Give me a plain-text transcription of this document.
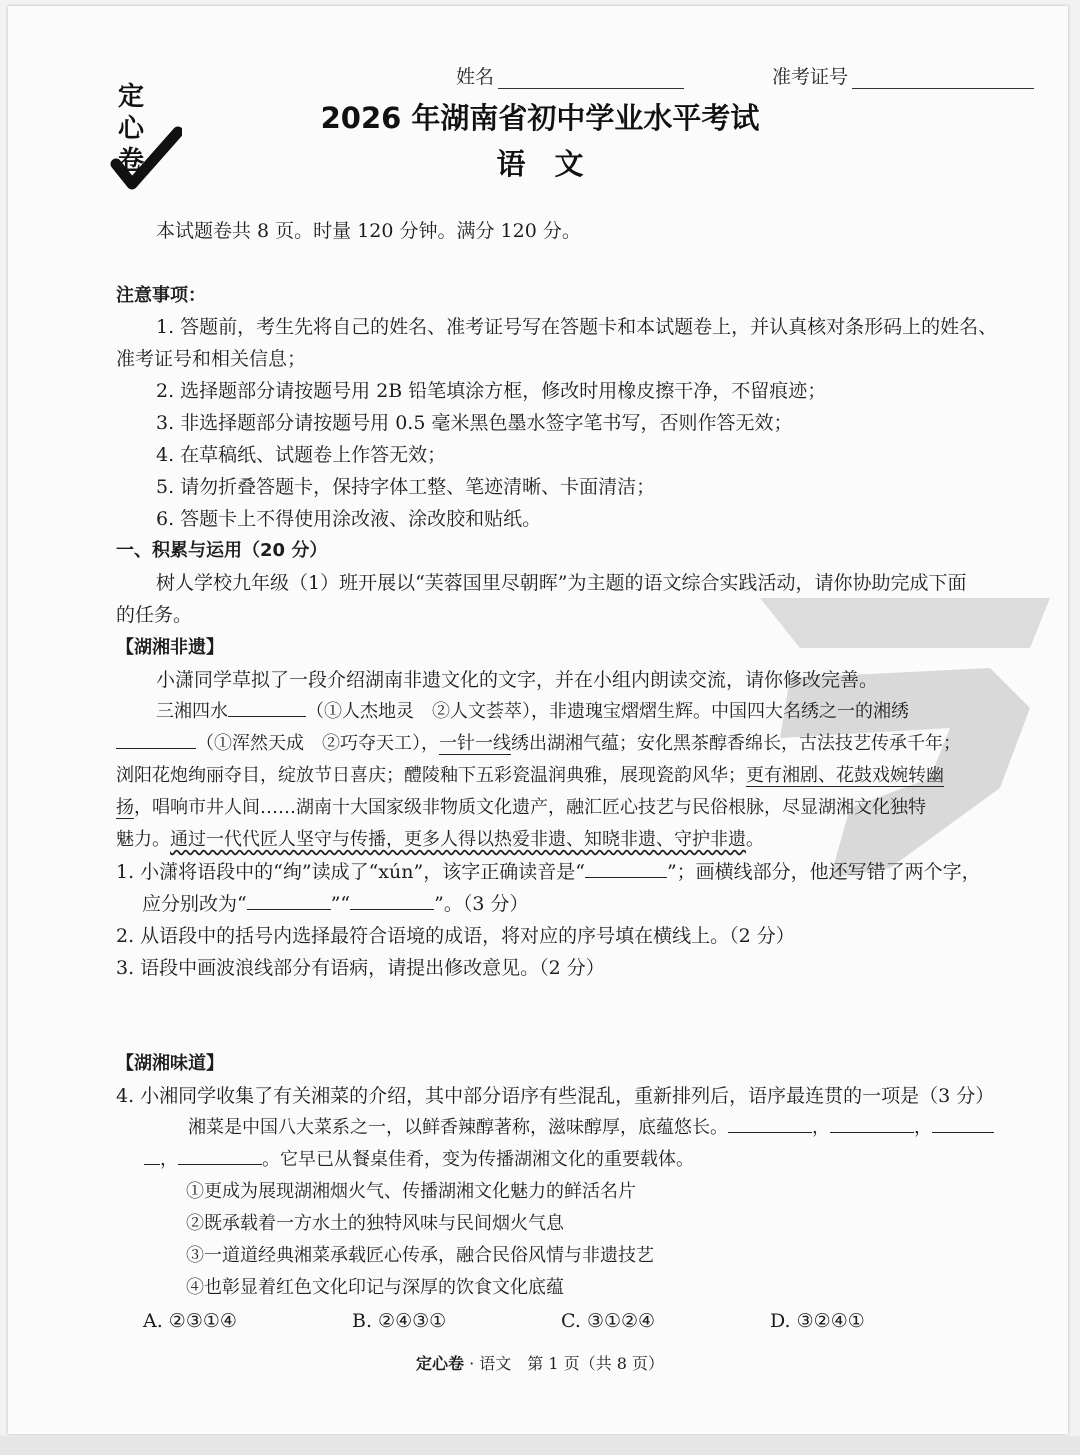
定
心
卷
姓名	准考证号
2026 年湖南省初中学业水平考试
语　文
本试题卷共 8 页。时量 120 分钟。满分 120 分。
注意事项：
1. 答题前，考生先将自己的姓名、准考证号写在答题卡和本试题卷上，并认真核对条形码上的姓名、
准考证号和相关信息；
2. 选择题部分请按题号用 2B 铅笔填涂方框，修改时用橡皮擦干净，不留痕迹；
3. 非选择题部分请按题号用 0.5 毫米黑色墨水签字笔书写，否则作答无效；
4. 在草稿纸、试题卷上作答无效；
5. 请勿折叠答题卡，保持字体工整、笔迹清晰、卡面清洁；
6. 答题卡上不得使用涂改液、涂改胶和贴纸。
一、积累与运用（20 分）
树人学校九年级（1）班开展以“芙蓉国里尽朝晖”为主题的语文综合实践活动，请你协助完成下面
的任务。
【湖湘非遗】
小潇同学草拟了一段介绍湖南非遗文化的文字，并在小组内朗读交流，请你修改完善。
三湘四水	（①人杰地灵　②人文荟萃），非遗瑰宝熠熠生辉。中国四大名绣之一的湘绣
（①浑然天成　②巧夺天工），一针一线绣出湖湘气蕴；安化黑茶醇香绵长，古法技艺传承千年；
浏阳花炮绚丽夺目，绽放节日喜庆；醴陵釉下五彩瓷温润典雅，展现瓷韵风华；更有湘剧、花鼓戏婉转幽
扬，唱响市井人间……湖南十大国家级非物质文化遗产，融汇匠心技艺与民俗根脉，尽显湖湘文化独特
魅力。通过一代代匠人坚守与传播，更多人得以热爱非遗、知晓非遗、守护非遗。
1. 小潇将语段中的“绚”读成了“xún”，该字正确读音是“	”；画横线部分，他还写错了两个字，
应分别改为“	”“	”。（3 分）
2. 从语段中的括号内选择最符合语境的成语，将对应的序号填在横线上。（2 分）
3. 语段中画波浪线部分有语病，请提出修改意见。（2 分）
【湖湘味道】
4. 小湘同学收集了有关湘菜的介绍，其中部分语序有些混乱，重新排列后，语序最连贯的一项是（3 分）
湘菜是中国八大菜系之一，以鲜香辣醇著称，滋味醇厚，底蕴悠长。	，	，
，	。它早已从餐桌佳肴，变为传播湖湘文化的重要载体。
①更成为展现湖湘烟火气、传播湖湘文化魅力的鲜活名片
②既承载着一方水土的独特风味与民间烟火气息
③一道道经典湘菜承载匠心传承，融合民俗风情与非遗技艺
④也彰显着红色文化印记与深厚的饮食文化底蕴
A. ②③①④	B. ②④③①	C. ③①②④	D. ③②④①
定心卷 · 语文　第 1 页（共 8 页）
